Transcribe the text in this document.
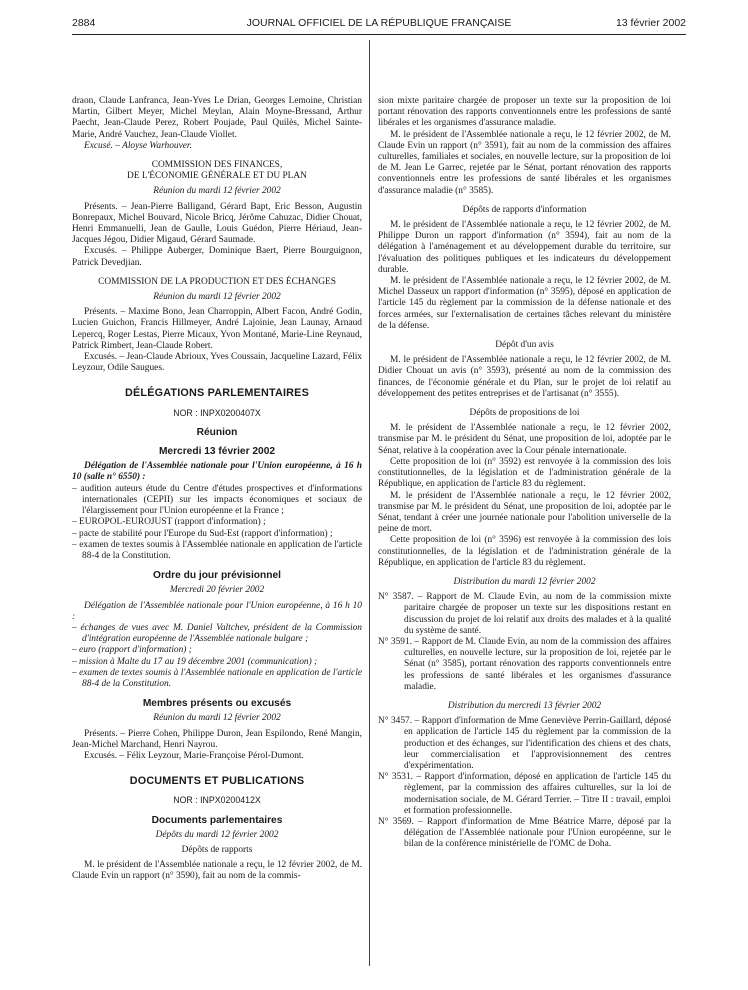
2884	JOURNAL OFFICIEL DE LA RÉPUBLIQUE FRANÇAISE	13 février 2002

draon, Claude Lanfranca, Jean-Yves Le Drian, Georges Lemoine, Christian Martin, Gilbert Meyer, Michel Meylan, Alain Moyne-Bressand, Arthur Paecht, Jean-Claude Perez, Robert Poujade, Paul Quilès, Michel Sainte-Marie, André Vauchez, Jean-Claude Viollet.

Excusé. – Aloyse Warhouver.

COMMISSION DES FINANCES,

DE L'ÉCONOMIE GÉNÉRALE ET DU PLAN

Réunion du mardi 12 février 2002

Présents. – Jean-Pierre Balligand, Gérard Bapt, Eric Besson, Augustin Bonrepaux, Michel Bouvard, Nicole Bricq, Jérôme Cahuzac, Didier Chouat, Henri Emmanuelli, Jean de Gaulle, Louis Guédon, Pierre Hériaud, Jean-Jacques Jégou, Didier Migaud, Gérard Saumade.

Excusés. – Philippe Auberger, Dominique Baert, Pierre Bourguignon, Patrick Devedjian.

COMMISSION DE LA PRODUCTION ET DES ÉCHANGES

Réunion du mardi 12 février 2002

Présents. – Maxime Bono, Jean Charroppin, Albert Facon, André Godin, Lucien Guichon, Francis Hillmeyer, André Lajoinie, Jean Launay, Arnaud Lepercq, Roger Lestas, Pierre Micaux, Yvon Montané, Marie-Line Reynaud, Patrick Rimbert, Jean-Claude Robert.

Excusés. – Jean-Claude Abrioux, Yves Coussain, Jacqueline Lazard, Félix Leyzour, Odile Saugues.

DÉLÉGATIONS PARLEMENTAIRES

NOR : INPX0200407X

Réunion

Mercredi 13 février 2002

Délégation de l'Assemblée nationale pour l'Union européenne, à 16 h 10 (salle n° 6550) :

– audition auteurs étude du Centre d'études prospectives et d'informations internationales (CEPII) sur les impacts économiques et sociaux de l'élargissement pour l'Union européenne et la France ;

– EUROPOL-EUROJUST (rapport d'information) ;

– pacte de stabilité pour l'Europe du Sud-Est (rapport d'information) ;

– examen de textes soumis à l'Assemblée nationale en application de l'article 88-4 de la Constitution.

Ordre du jour prévisionnel

Mercredi 20 février 2002

Délégation de l'Assemblée nationale pour l'Union européenne, à 16 h 10 :

– échanges de vues avec M. Daniel Valtchev, président de la Commission d'intégration européenne de l'Assemblée nationale bulgare ;

– euro (rapport d'information) ;

– mission à Malte du 17 au 19 décembre 2001 (communication) ;

– examen de textes soumis à l'Assemblée nationale en application de l'article 88-4 de la Constitution.

Membres présents ou excusés

Réunion du mardi 12 février 2002

Présents. – Pierre Cohen, Philippe Duron, Jean Espilondo, René Mangin, Jean-Michel Marchand, Henri Nayrou.

Excusés. – Félix Leyzour, Marie-Françoise Pérol-Dumont.

DOCUMENTS ET PUBLICATIONS

NOR : INPX0200412X

Documents parlementaires

Dépôts du mardi 12 février 2002

Dépôts de rapports

M. le président de l'Assemblée nationale a reçu, le 12 février 2002, de M. Claude Evin un rapport (n° 3590), fait au nom de la commis-

sion mixte paritaire chargée de proposer un texte sur la proposition de loi portant rénovation des rapports conventionnels entre les professions de santé libérales et les organismes d'assurance maladie.

M. le président de l'Assemblée nationale a reçu, le 12 février 2002, de M. Claude Evin un rapport (n° 3591), fait au nom de la commission des affaires culturelles, familiales et sociales, en nouvelle lecture, sur la proposition de loi de M. Jean Le Garrec, rejetée par le Sénat, portant rénovation des rapports conventionnels entre les professions de santé libérales et les organismes d'assurance maladie (n° 3585).

Dépôts de rapports d'information

M. le président de l'Assemblée nationale a reçu, le 12 février 2002, de M. Philippe Duron un rapport d'information (n° 3594), fait au nom de la délégation à l'aménagement et au développement durable du territoire, sur l'évaluation des politiques publiques et les indicateurs du développement durable.

M. le président de l'Assemblée nationale a reçu, le 12 février 2002, de M. Michel Dasseux un rapport d'information (n° 3595), déposé en application de l'article 145 du règlement par la commission de la défense nationale et des forces armées, sur l'externalisation de certaines tâches relevant du ministère de la défense.

Dépôt d'un avis

M. le président de l'Assemblée nationale a reçu, le 12 février 2002, de M. Didier Chouat un avis (n° 3593), présenté au nom de la commission des finances, de l'économie générale et du Plan, sur le projet de loi relatif au développement des petites entreprises et de l'artisanat (n° 3555).

Dépôts de propositions de loi

M. le président de l'Assemblée nationale a reçu, le 12 février 2002, transmise par M. le président du Sénat, une proposition de loi, adoptée par le Sénat, relative à la coopération avec la Cour pénale internationale.

Cette proposition de loi (n° 3592) est renvoyée à la commission des lois constitutionnelles, de la législation et de l'administration générale de la République, en application de l'article 83 du règlement.

M. le président de l'Assemblée nationale a reçu, le 12 février 2002, transmise par M. le président du Sénat, une proposition de loi, adoptée par le Sénat, tendant à créer une journée nationale pour l'abolition universelle de la peine de mort.

Cette proposition de loi (n° 3596) est renvoyée à la commission des lois constitutionnelles, de la législation et de l'administration générale de la République, en application de l'article 83 du règlement.

Distribution du mardi 12 février 2002

N° 3587. – Rapport de M. Claude Evin, au nom de la commission mixte paritaire chargée de proposer un texte sur les dispositions restant en discussion du projet de loi relatif aux droits des malades et à la qualité du système de santé.

N° 3591. – Rapport de M. Claude Evin, au nom de la commission des affaires culturelles, en nouvelle lecture, sur la proposition de loi, rejetée par le Sénat (n° 3585), portant rénovation des rapports conventionnels entre les professions de santé libérales et les organismes d'assurance maladie.

Distribution du mercredi 13 février 2002

N° 3457. – Rapport d'information de Mme Geneviève Perrin-Gaillard, déposé en application de l'article 145 du règlement par la commission de la production et des échanges, sur l'identification des chiens et des chats, leur commercialisation et l'approvisionnement des centres d'expérimentation.

N° 3531. – Rapport d'information, déposé en application de l'article 145 du règlement, par la commission des affaires culturelles, sur la loi de modernisation sociale, de M. Gérard Terrier. – Titre II : travail, emploi et formation professionnelle.

N° 3569. – Rapport d'information de Mme Béatrice Marre, déposé par la délégation de l'Assemblée nationale pour l'Union européenne, sur le bilan de la conférence ministérielle de l'OMC de Doha.
